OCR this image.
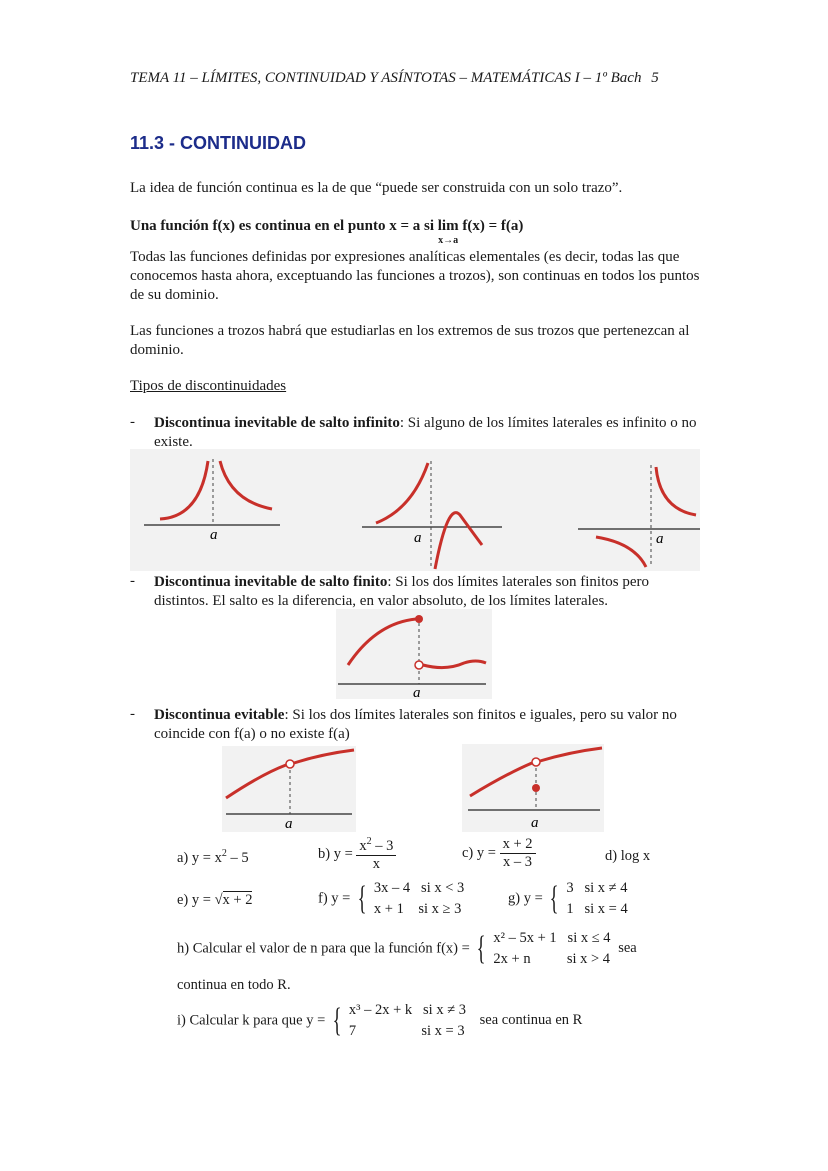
TEMA 11 – LÍMITES, CONTINUIDAD Y ASÍNTOTAS – MATEMÁTICAS I – 1º Bach 5
11.3 - CONTINUIDAD
La idea de función continua es la de que “puede ser construida con un solo trazo”.
Una función f(x) es continua en el punto x = a si lim
x→a
f(x) = f(a)
Todas las funciones definidas por expresiones analíticas elementales (es decir, todas las que conocemos hasta ahora, exceptuando las funciones a trozos), son continuas en todos los puntos de su dominio.
Las funciones a trozos habrá que estudiarlas en los extremos de sus trozos que pertenezcan al dominio.
Tipos de discontinuidades
- Discontinua inevitable de salto infinito: Si alguno de los límites laterales es infinito o no existe.
a	a	a
- Discontinua inevitable de salto finito: Si los dos límites laterales son finitos pero distintos. El salto es la diferencia, en valor absoluto, de los límites laterales.
a
- Discontinua evitable: Si los dos límites laterales son finitos e iguales, pero su valor no coincide con f(a) o no existe f(a)
a	a
a) $y = x^2 - 5$	b) $y = \frac{x^2 - 3}{x}$	c) $y = \frac{x + 2}{x - 3}$	d) log x
e) y = √x + 2	f) y = { 3x – 4   si x < 3
x + 1    si x ≥ 3
g) y = { 3   si x ≠ 4
1   si x = 4
h) Calcular el valor de n para que la función f(x) = { x² – 5x + 1   si x ≤ 4
2x + n          si x > 4
sea
continua en todo R.
i) Calcular k para que y = { x³ – 2x + k   si x ≠ 3
7                  si x = 3
sea continua en R
